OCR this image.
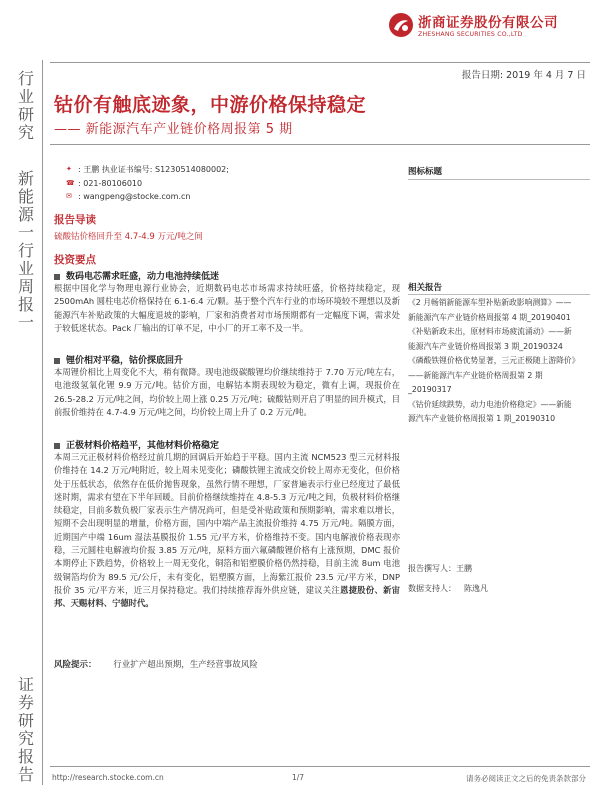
浙商证券股份有限公司
ZHESHANG SECURITIES CO.,LTD
行
业
研
究
新
能
源
一
行
业
周
报
一
证
券
研
究
报
告
报告日期: 2019 年 4 月 7 日
钴价有触底迹象，中游价格保持稳定
—— 新能源汽车产业链价格周报第 5 期
✦ : 王鹏 执业证书编号: S1230514080002;
☎ : 021-80106010
✉ : wangpeng@stocke.com.cn
报告导读
硫酸钴价格回升至 4.7-4.9 万元/吨之间
投资要点
数码电芯需求旺盛，动力电池持续低迷
根据中国化学与物理电源行业协会，近期数码电芯市场需求持续旺盛，价格持续稳定，现 2500mAh 圆柱电芯价格保持在 6.1-6.4 元/颗。基于整个汽车行业的市场环境较不理想以及新能源汽车补贴政策的大幅度退坡的影响，厂家和消费者对市场预期都有一定幅度下调，需求处于较低迷状态。Pack 厂输出的订单不足，中小厂的开工率不及一半。
锂价相对平稳，钴价探底回升
本周锂价相比上周变化不大，稍有微降。现电池级碳酸锂均价继续维持于 7.70 万元/吨左右，电池级氢氧化锂 9.9 万元/吨。钴价方面，电解钴本期表现较为稳定，微有上调，现报价在 26.5-28.2 万元/吨之间，均价较上周上涨 0.25 万元/吨；硫酸钴则开启了明显的回升模式，目前报价维持在 4.7-4.9 万元/吨之间，均价较上周上升了 0.2 万元/吨。
正极材料价格趋平，其他材料价格稳定
本周三元正极材料价格经过前几期的回调后开始趋于平稳。国内主流 NCM523 型三元材料报价维持在 14.2 万元/吨附近，较上周未见变化；磷酸铁锂主流成交价较上周亦无变化，但价格处于压低状态，依然存在低价抛售现象，虽然行情不理想，厂家普遍表示行业已经度过了最低迷时期，需求有望在下半年回暖。目前价格继续维持在 4.8-5.3 万元/吨之间，负极材料价格继续稳定，目前多数负极厂家表示生产情况尚可，但是受补贴政策和预期影响，需求难以增长，短期不会出现明显的增量，价格方面，国内中端产品主流报价维持 4.75 万元/吨。隔膜方面，近期国产中端 16um 湿法基膜报价 1.55 元/平方米，价格维持不变。国内电解液价格表现亦稳，三元圆柱电解液均价报 3.85 万元/吨，原料方面六氟磷酸锂价格有上涨预期，DMC 报价本期停止下跌趋势，价格较上一周无变化，铜箔和铝塑膜价格仍然持稳，目前主流 8um 电池级铜箔均价为 89.5 元/公斤，未有变化，铝塑膜方面，上海紫江报价 23.5 元/平方米，DNP 报价 35 元/平方米，近三月保持稳定。我们持续推荐海外供应链，建议关注恩捷股份、新宙邦、天赐材料、宁德时代。
风险提示： 行业扩产超出预期，生产经营事故风险
图标标题
相关报告
《2 月畅销新能源车型补贴新政影响测算》——新能源汽车产业链价格周报第 4 期_20190401
《补贴新政未出，原材料市场疲流涌动》——新能源汽车产业链价格周报第 3 期_20190324
《磷酸铁锂价格优势显著，三元正极随上游降价》——新能源汽车产业链价格周报第 2 期_20190317
《钴价延续跌势，动力电池价格稳定》——新能源汽车产业链价格周报第 1 期_20190310
报告撰写人：王鹏
数据支持人： 陈逸凡
http://research.stocke.com.cn	1/7	请务必阅读正文之后的免责条款部分
